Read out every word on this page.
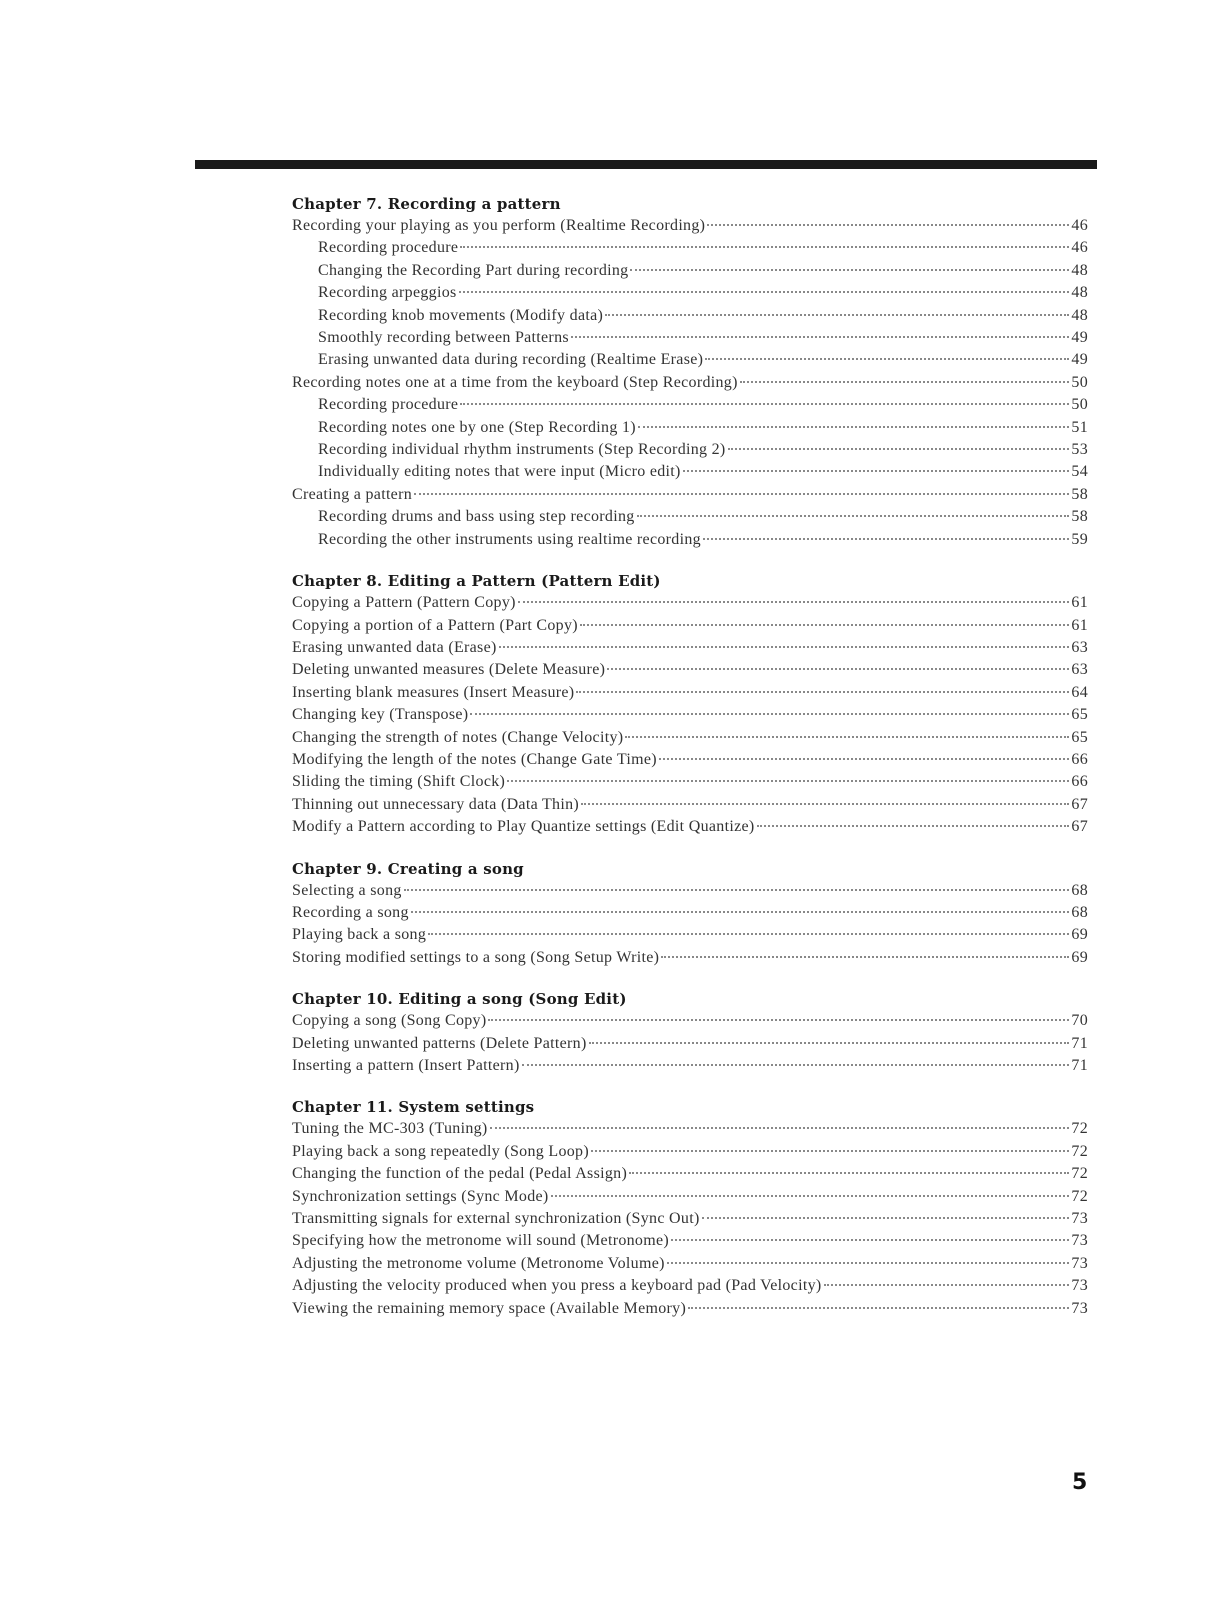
Chapter 7. Recording a pattern
Recording your playing as you perform (Realtime Recording)	46
Recording procedure	46
Changing the Recording Part during recording	48
Recording arpeggios	48
Recording knob movements (Modify data)	48
Smoothly recording between Patterns	49
Erasing unwanted data during recording (Realtime Erase)	49
Recording notes one at a time from the keyboard (Step Recording)	50
Recording procedure	50
Recording notes one by one (Step Recording 1)	51
Recording individual rhythm instruments (Step Recording 2)	53
Individually editing notes that were input (Micro edit)	54
Creating a pattern	58
Recording drums and bass using step recording	58
Recording the other instruments using realtime recording	59
Chapter 8. Editing a Pattern (Pattern Edit)
Copying a Pattern (Pattern Copy)	61
Copying a portion of a Pattern (Part Copy)	61
Erasing unwanted data (Erase)	63
Deleting unwanted measures (Delete Measure)	63
Inserting blank measures (Insert Measure)	64
Changing key (Transpose)	65
Changing the strength of notes (Change Velocity)	65
Modifying the length of the notes (Change Gate Time)	66
Sliding the timing (Shift Clock)	66
Thinning out unnecessary data (Data Thin)	67
Modify a Pattern according to Play Quantize settings (Edit Quantize)	67
Chapter 9. Creating a song
Selecting a song	68
Recording a song	68
Playing back a song	69
Storing modified settings to a song (Song Setup Write)	69
Chapter 10. Editing a song (Song Edit)
Copying a song (Song Copy)	70
Deleting unwanted patterns (Delete Pattern)	71
Inserting a pattern (Insert Pattern)	71
Chapter 11. System settings
Tuning the MC-303 (Tuning)	72
Playing back a song repeatedly (Song Loop)	72
Changing the function of the pedal (Pedal Assign)	72
Synchronization settings (Sync Mode)	72
Transmitting signals for external synchronization (Sync Out)	73
Specifying how the metronome will sound (Metronome)	73
Adjusting the metronome volume (Metronome Volume)	73
Adjusting the velocity produced when you press a keyboard pad (Pad Velocity)	73
Viewing the remaining memory space (Available Memory)	73
5
